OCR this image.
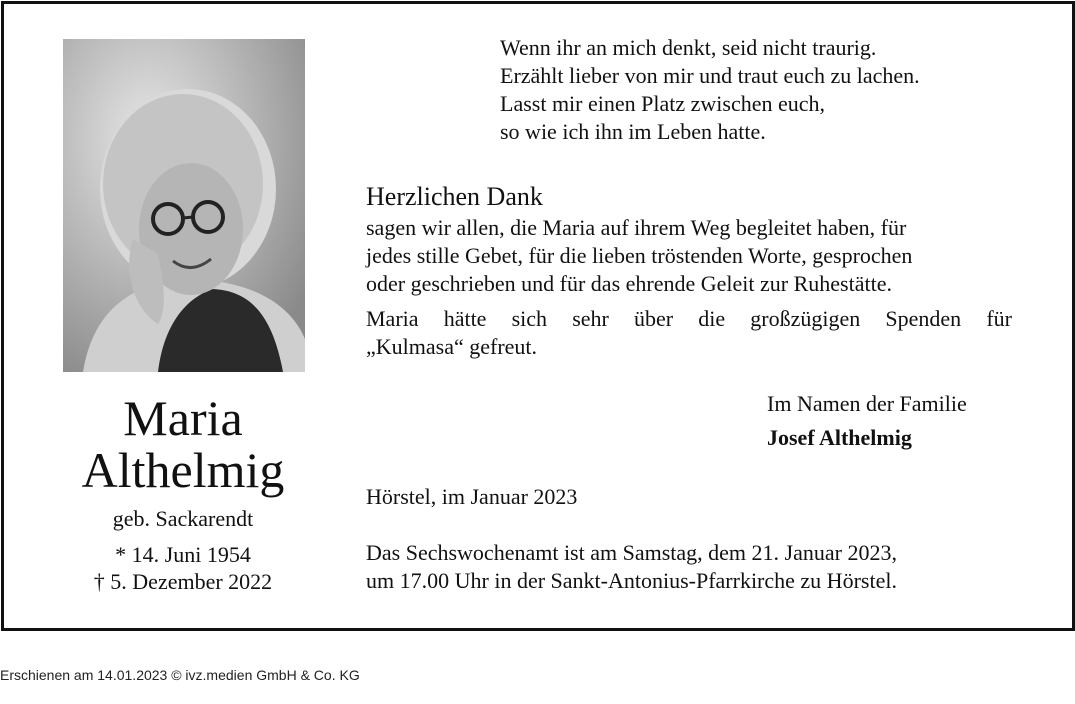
Maria
Althelmig
geb. Sackarendt
* 14. Juni 1954
† 5. Dezember 2022
Wenn ihr an mich denkt, seid nicht traurig.
Erzählt lieber von mir und traut euch zu lachen.
Lasst mir einen Platz zwischen euch,
so wie ich ihn im Leben hatte.
Herzlichen Dank
sagen wir allen, die Maria auf ihrem Weg begleitet haben, für
jedes stille Gebet, für die lieben tröstenden Worte, gesprochen
oder geschrieben und für das ehrende Geleit zur Ruhestätte.
Maria hätte sich sehr über die großzügigen Spenden für
„Kulmasa“ gefreut.
Im Namen der Familie
Josef Althelmig
Hörstel, im Januar 2023
Das Sechswochenamt ist am Samstag, dem 21. Januar 2023,
um 17.00 Uhr in der Sankt-Antonius-Pfarrkirche zu Hörstel.
Erschienen am 14.01.2023 © ivz.medien GmbH & Co. KG
